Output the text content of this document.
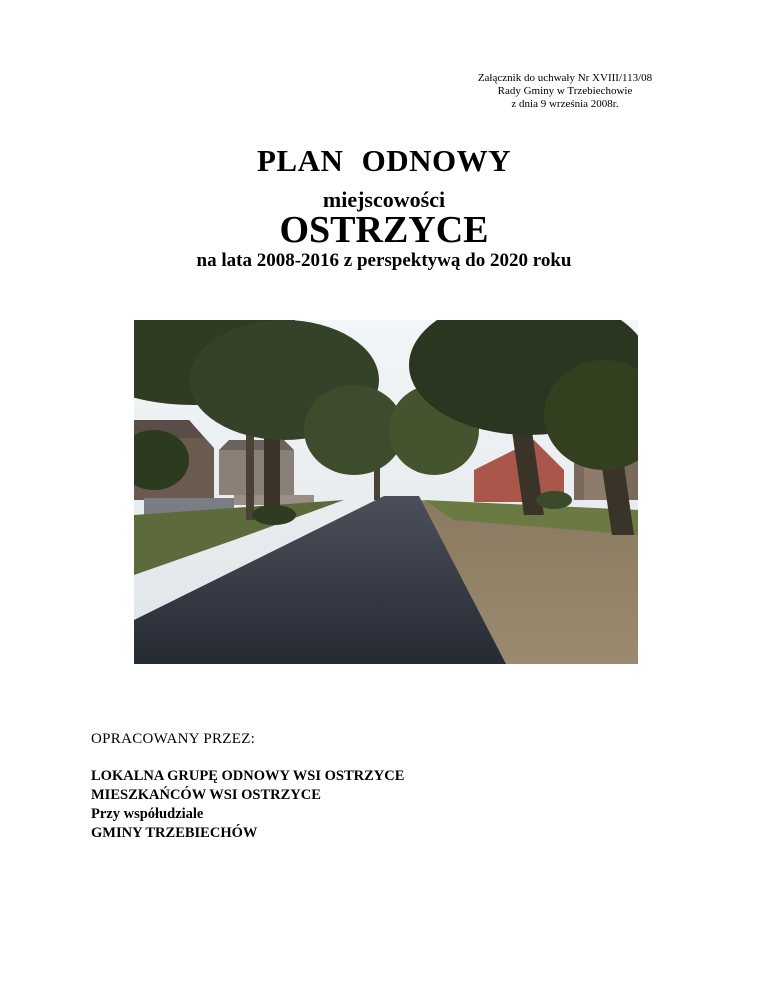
Załącznik do uchwały Nr XVIII/113/08
Rady Gminy w Trzebiechowie
z dnia 9 września 2008r.
PLAN ODNOWY
miejscowości
OSTRZYCE
na lata 2008-2016 z perspektywą do 2020 roku
OPRACOWANY PRZEZ:
LOKALNA GRUPĘ ODNOWY WSI OSTRZYCE
MIESZKAŃCÓW WSI OSTRZYCE
Przy współudziale
GMINY TRZEBIECHÓW
